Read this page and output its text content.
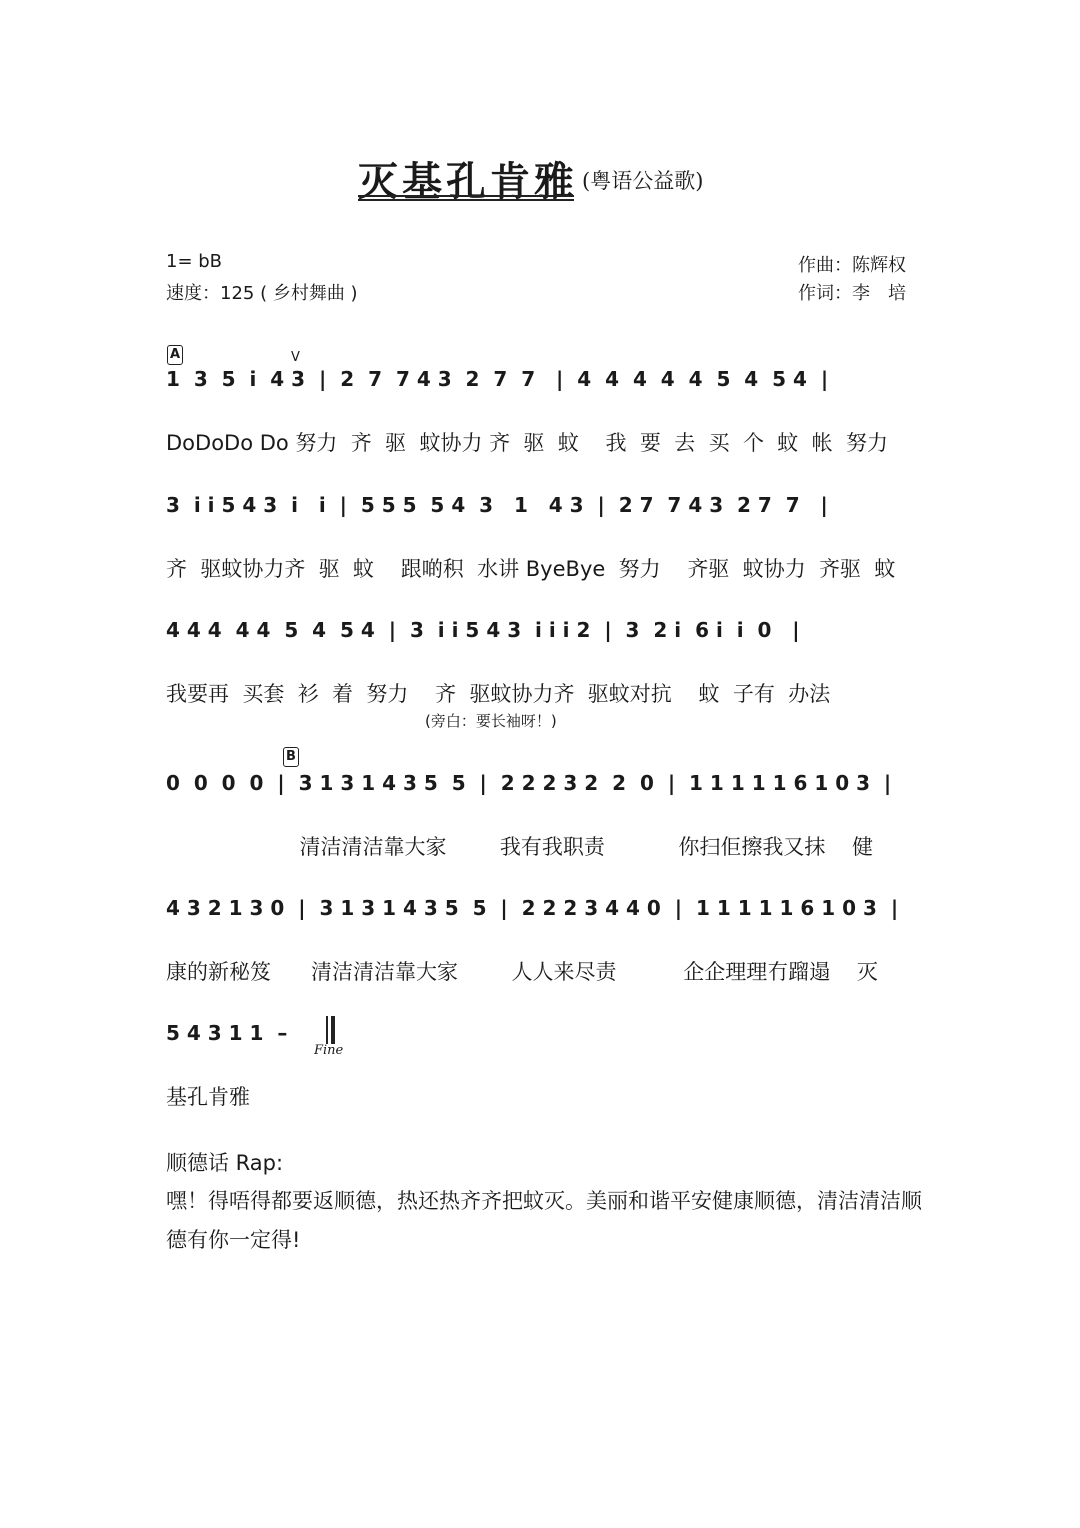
灭基孔肯雅 (粤语公益歌)
1= bB
速度：125 ( 乡村舞曲 )
作曲：陈辉权
作词：李　培
A	V
1  3  5  i  4 3  |  2  7  7 4 3  2  7  7   |  4  4  4  4  4  5  4  5 4  |
DoDoDo Do 努力  齐  驱  蚊协力 齐  驱  蚊    我  要  去  买  个  蚊  帐  努力
3  i i 5 4 3  i   i  |  5 5 5  5 4  3   1   4 3  |  2 7  7 4 3  2 7  7   |
齐  驱蚊协力齐  驱  蚊    跟啲积  水讲 ByeBye  努力    齐驱  蚊协力  齐驱  蚊
4 4 4  4 4  5  4  5 4  |  3  i i 5 4 3  i i i 2  |  3  2 i  6 i  i  0   |
我要再  买套  衫  着  努力    齐  驱蚊协力齐  驱蚊对抗    蚊  子有  办法
(旁白：要长袖呀！)
B
0  0  0  0  |  3 1 3 1 4 3 5  5  |  2 2 2 3 2  2  0  |  1 1 1 1 1 6 1 0 3  |
清洁清洁靠大家        我有我职责           你扫佢擦我又抹    健
4 3 2 1 3 0  |  3 1 3 1 4 3 5  5  |  2 2 2 3 4 4 0  |  1 1 1 1 1 6 1 0 3  |
康的新秘笈      清洁清洁靠大家        人人来尽责          企企理理冇蹓遢    灭
5 4 3 1 1  –
Fine
基孔肯雅
顺德话 Rap:
嘿！得唔得都要返顺德，热还热齐齐把蚊灭。美丽和谐平安健康顺德，清洁清洁顺德有你一定得!
